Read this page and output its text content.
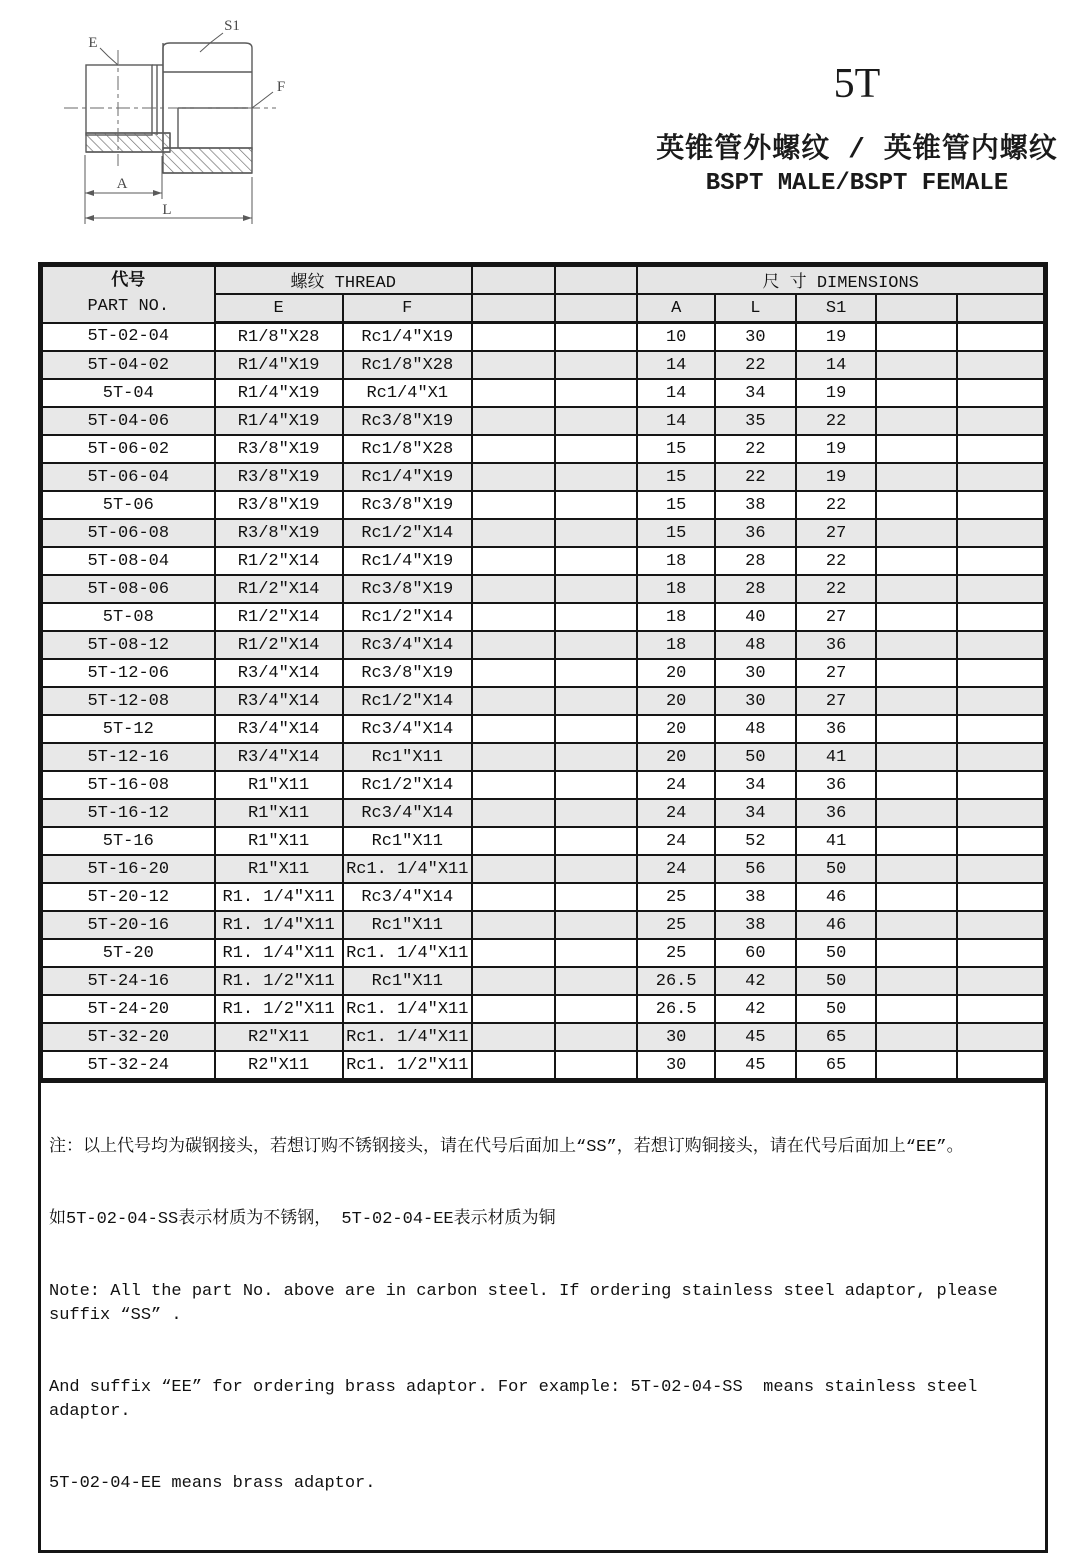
E
S1
F
A
L
5T
英锥管外螺纹 / 英锥管内螺纹
BSPT MALE/BSPT FEMALE
代号
PART NO.	螺纹 THREAD				尺 寸 DIMENSIONS				
	E	F			A	L	S1		
5T-02-04	R1/8″X28	Rc1/4″X19			10	30	19		
5T-04-02	R1/4″X19	Rc1/8″X28			14	22	14		
5T-04	R1/4″X19	Rc1/4″X1			14	34	19		
5T-04-06	R1/4″X19	Rc3/8″X19			14	35	22		
5T-06-02	R3/8″X19	Rc1/8″X28			15	22	19		
5T-06-04	R3/8″X19	Rc1/4″X19			15	22	19		
5T-06	R3/8″X19	Rc3/8″X19			15	38	22		
5T-06-08	R3/8″X19	Rc1/2″X14			15	36	27		
5T-08-04	R1/2″X14	Rc1/4″X19			18	28	22		
5T-08-06	R1/2″X14	Rc3/8″X19			18	28	22		
5T-08	R1/2″X14	Rc1/2″X14			18	40	27		
5T-08-12	R1/2″X14	Rc3/4″X14			18	48	36		
5T-12-06	R3/4″X14	Rc3/8″X19			20	30	27		
5T-12-08	R3/4″X14	Rc1/2″X14			20	30	27		
5T-12	R3/4″X14	Rc3/4″X14			20	48	36		
5T-12-16	R3/4″X14	Rc1″X11			20	50	41		
5T-16-08	R1″X11	Rc1/2″X14			24	34	36		
5T-16-12	R1″X11	Rc3/4″X14			24	34	36		
5T-16	R1″X11	Rc1″X11			24	52	41		
5T-16-20	R1″X11	Rc1. 1/4″X11			24	56	50		
5T-20-12	R1. 1/4″X11	Rc3/4″X14			25	38	46		
5T-20-16	R1. 1/4″X11	Rc1″X11			25	38	46		
5T-20	R1. 1/4″X11	Rc1. 1/4″X11			25	60	50		
5T-24-16	R1. 1/2″X11	Rc1″X11			26.5	42	50		
5T-24-20	R1. 1/2″X11	Rc1. 1/4″X11			26.5	42	50		
5T-32-20	R2″X11	Rc1. 1/4″X11			30	45	65		
5T-32-24	R2″X11	Rc1. 1/2″X11			30	45	65		

注：以上代号均为碳钢接头，若想订购不锈钢接头，请在代号后面加上“SS”，若想订购铜接头，请在代号后面加上“EE”。

如5T-02-04-SS表示材质为不锈钢， 5T-02-04-EE表示材质为铜

Note: All the part No. above are in carbon steel. If ordering stainless steel adaptor, please suffix “SS” .

And suffix “EE” for ordering brass adaptor. For example: 5T-02-04-SS  means stainless steel adaptor.

5T-02-04-EE means brass adaptor.
